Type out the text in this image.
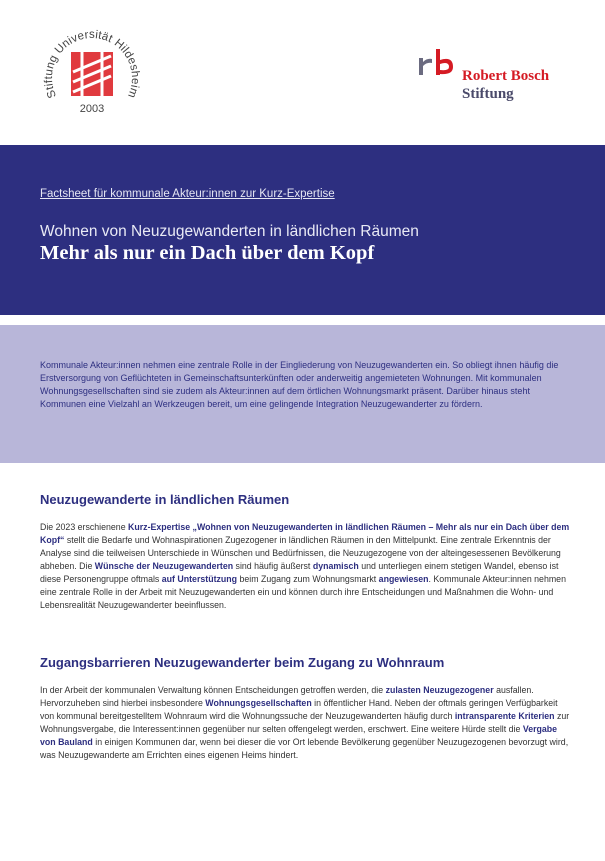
Stiftung Universität Hildesheim
2003
Robert Bosch
Stiftung
Factsheet für kommunale Akteur:innen zur Kurz-Expertise
Wohnen von Neuzugewanderten in ländlichen Räumen
Mehr als nur ein Dach über dem Kopf
Kommunale Akteur:innen nehmen eine zentrale Rolle in der Eingliederung von Neuzugewanderten ein. So obliegt ihnen häufig die Erstversorgung von Geflüchteten in Gemeinschaftsunterkünften oder anderweitig angemieteten Wohnungen. Mit kommunalen Wohnungsgesellschaften sind sie zudem als Akteur:innen auf dem örtlichen Wohnungsmarkt präsent. Darüber hinaus steht Kommunen eine Vielzahl an Werkzeugen bereit, um eine gelingende Integration Neuzugewanderter zu fördern.
Neuzugewanderte in ländlichen Räumen

Die 2023 erschienene Kurz-Expertise „Wohnen von Neuzugewanderten in ländlichen Räumen – Mehr als nur ein Dach über dem Kopf“ stellt die Bedarfe und Wohnaspirationen Zugezogener in ländlichen Räumen in den Mittelpunkt. Eine zentrale Erkenntnis der Analyse sind die teilweisen Unterschiede in Wünschen und Bedürfnissen, die Neuzugezogene von der alteingesessenen Bevölkerung abheben. Die Wünsche der Neuzugewanderten sind häufig äußerst dynamisch und unterliegen einem stetigen Wandel, ebenso ist diese Personengruppe oftmals auf Unterstützung beim Zugang zum Wohnungsmarkt angewiesen. Kommunale Akteur:innen nehmen eine zentrale Rolle in der Arbeit mit Neuzugewanderten ein und können durch ihre Entscheidungen und Maßnahmen die Wohn- und Lebensrealität Neuzugewanderter beeinflussen.

Zugangsbarrieren Neuzugewanderter beim Zugang zu Wohnraum

In der Arbeit der kommunalen Verwaltung können Entscheidungen getroffen werden, die zulasten Neuzugezogener ausfallen. Hervorzuheben sind hierbei insbesondere Wohnungsgesellschaften in öffentlicher Hand. Neben der oftmals geringen Verfügbarkeit von kommunal bereitgestelltem Wohnraum wird die Wohnungssuche der Neuzugewanderten häufig durch intransparente Kriterien zur Wohnungsvergabe, die Interessent:innen gegenüber nur selten offengelegt werden, erschwert. Eine weitere Hürde stellt die Vergabe von Bauland in einigen Kommunen dar, wenn bei dieser die vor Ort lebende Bevölkerung gegenüber Neuzugezogenen bevorzugt wird, was Neuzugewanderte am Errichten eines eigenen Heims hindert.
